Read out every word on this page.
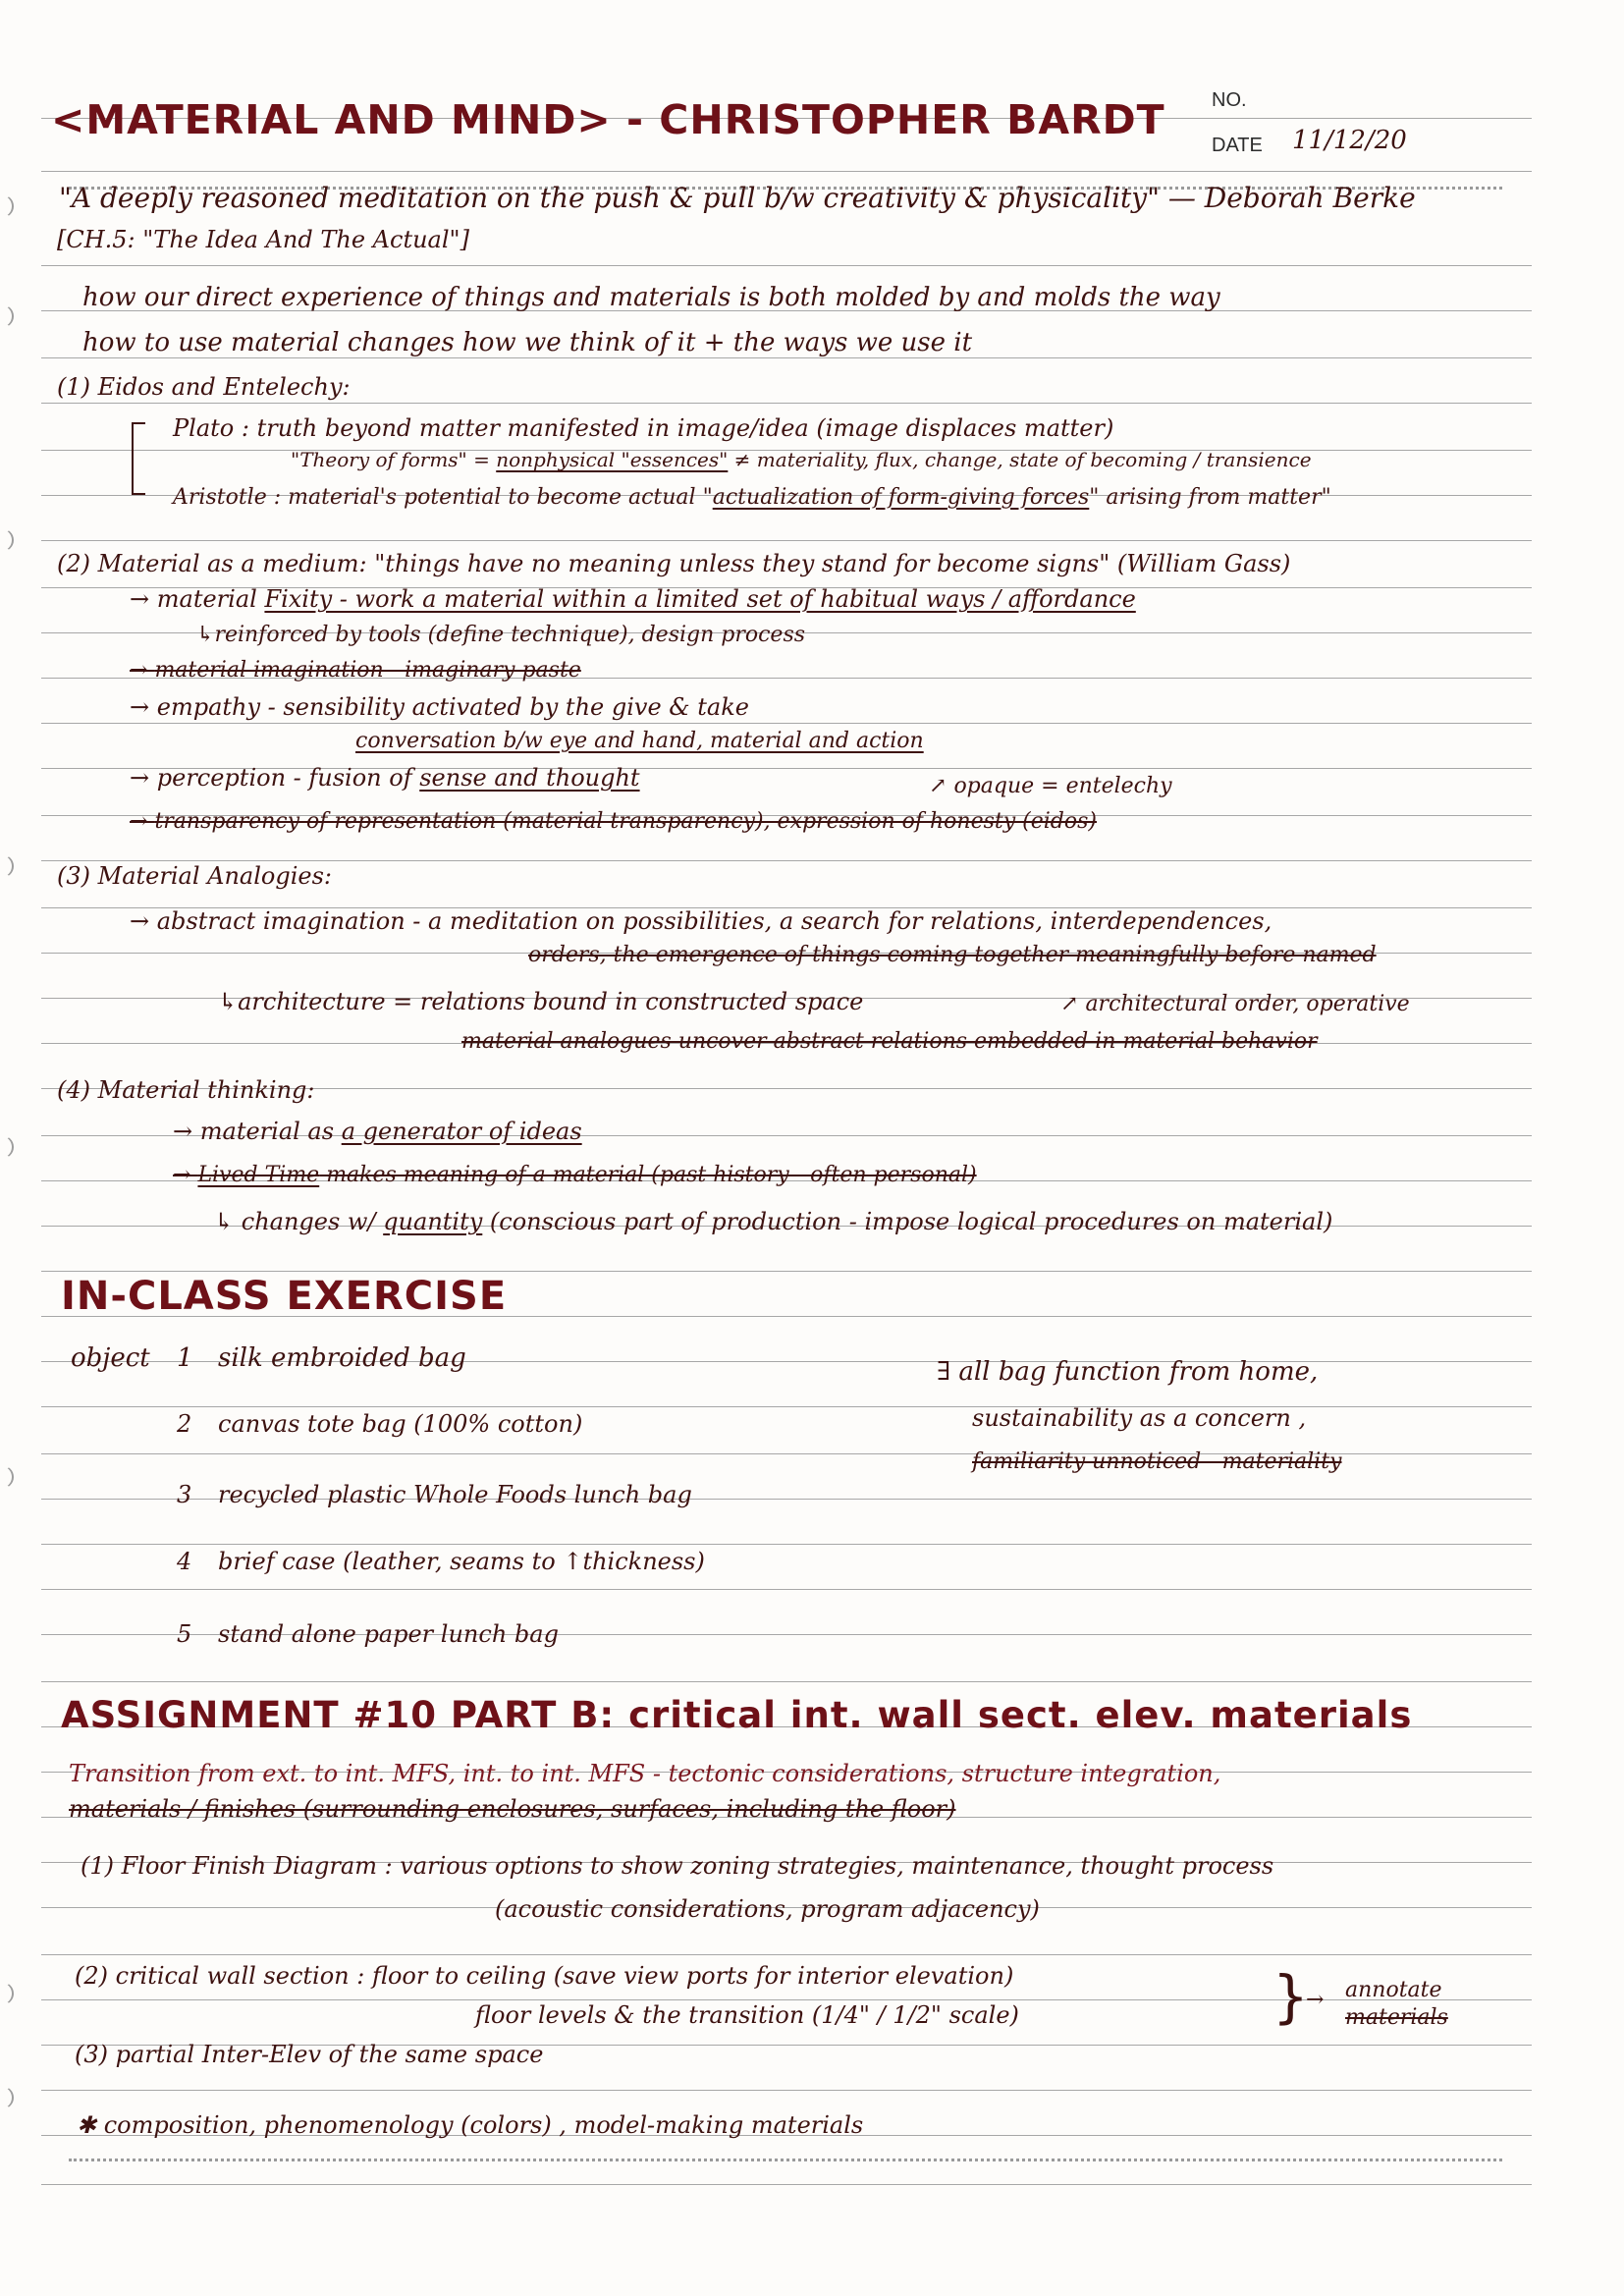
<MATERIAL AND MIND> - CHRISTOPHER BARDT NO.
DATE 11/12/20
"A deeply reasoned meditation on the push & pull b/w creativity & physicality" — Deborah Berke
[CH.5: "The Idea And The Actual"]
how our direct experience of things and materials is both molded by and molds the way
how to use material changes how we think of it + the ways we use it
(1) Eidos and Entelechy:
Plato : truth beyond matter manifested in image/idea (image displaces matter)
"Theory of forms" = nonphysical "essences" ≠ materiality, flux, change, state of becoming / transience
Aristotle : material's potential to become actual "actualization of form-giving forces" arising from matter"
(2) Material as a medium: "things have no meaning unless they stand for become signs" (William Gass)
→ material Fixity - work a material within a limited set of habitual ways / affordance
↳reinforced by tools (define technique), design process
→ material imagination - imaginary paste
→ empathy - sensibility activated by the give & take
conversation b/w eye and hand, material and action
→ perception - fusion of sense and thought	↗ opaque = entelechy
→ transparency of representation (material transparency), expression of honesty (eidos)
(3) Material Analogies:
→ abstract imagination - a meditation on possibilities, a search for relations, interdependences,
orders, the emergence of things coming together meaningfully before named
↳architecture = relations bound in constructed space	↗ architectural order, operative
material analogues uncover abstract relations embedded in material behavior
(4) Material thinking:
→ material as a generator of ideas
→ Lived Time makes meaning of a material (past history - often personal)
↳ changes w/ quantity (conscious part of production - impose logical procedures on material)
IN-CLASS EXERCISE
object 1 silk embroided bag
2 canvas tote bag (100% cotton)
3 recycled plastic Whole Foods lunch bag
4 brief case (leather, seams to ↑thickness)
5 stand alone paper lunch bag
∃ all bag function from home,
sustainability as a concern ,
familiarity unnoticed - materiality
ASSIGNMENT #10 PART B: critical int. wall sect. elev. materials
Transition from ext. to int. MFS, int. to int. MFS - tectonic considerations, structure integration,
materials / finishes (surrounding enclosures, surfaces, including the floor)
(1) Floor Finish Diagram : various options to show zoning strategies, maintenance, thought process
(acoustic considerations, program adjacency)
(2) critical wall section : floor to ceiling (save view ports for interior elevation)
floor levels & the transition (1/4" / 1/2" scale)	}
→ annotate
materials
(3) partial Inter-Elev of the same space
✱ composition, phenomenology (colors) , model-making materials
